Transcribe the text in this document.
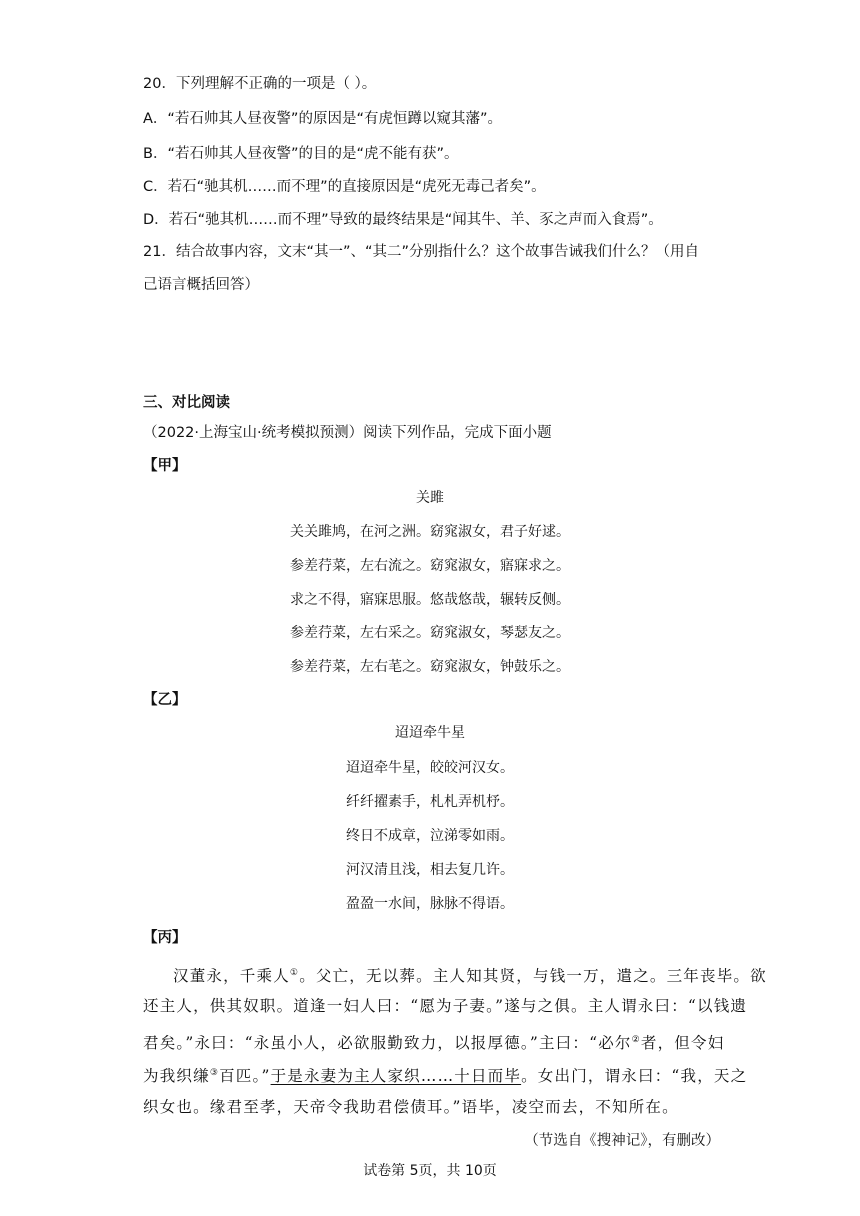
20．下列理解不正确的一项是（ ）。
A．“若石帅其人昼夜警”的原因是“有虎恒蹲以窥其藩”。
B．“若石帅其人昼夜警”的目的是“虎不能有获”。
C．若石“驰其机……而不理”的直接原因是“虎死无毒己者矣”。
D．若石“驰其机……而不理”导致的最终结果是“闻其牛、羊、豕之声而入食焉”。
21．结合故事内容，文末“其一”、“其二”分别指什么？这个故事告诫我们什么？（用自
己语言概括回答）
三、对比阅读
（2022·上海宝山·统考模拟预测）阅读下列作品，完成下面小题
【甲】
关雎
关关雎鸠，在河之洲。窈窕淑女，君子好逑。
参差荇菜，左右流之。窈窕淑女，寤寐求之。
求之不得，寤寐思服。悠哉悠哉，辗转反侧。
参差荇菜，左右采之。窈窕淑女，琴瑟友之。
参差荇菜，左右芼之。窈窕淑女，钟鼓乐之。
【乙】
迢迢牵牛星
迢迢牵牛星，皎皎河汉女。
纤纤擢素手，札札弄机杼。
终日不成章，泣涕零如雨。
河汉清且浅，相去复几许。
盈盈一水间，脉脉不得语。
【丙】
汉董永，千乘人①。父亡，无以葬。主人知其贤，与钱一万，遣之。三年丧毕。欲
还主人，供其奴职。道逢一妇人曰：“愿为子妻。”遂与之俱。主人谓永曰：“以钱遗
君矣。”永曰：“永虽小人，必欲服勤致力，以报厚德。”主曰：“必尔②者，但令妇
为我织缣③百匹。”于是永妻为主人家织……十日而毕。女出门，谓永曰：“我，天之
织女也。缘君至孝，天帝令我助君偿债耳。”语毕，凌空而去，不知所在。
（节选自《搜神记》，有删改）
试卷第 5页，共 10页
